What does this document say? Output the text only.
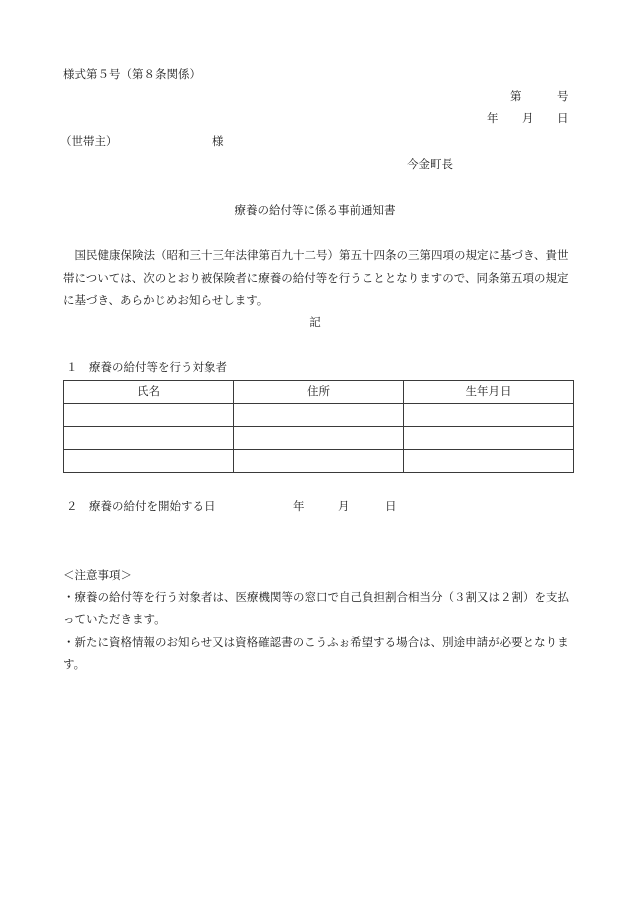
様式第５号（第８条関係）
第	号
年 月 日
（世帯主）	様
今金町長
療養の給付等に係る事前通知書
　国民健康保険法（昭和三十三年法律第百九十二号）第五十四条の三第四項の規定に基づき、貴世
帯については、次のとおり被保険者に療養の給付等を行うこととなりますので、同条第五項の規定
に基づき、あらかじめお知らせします。
記
１　療養の給付等を行う対象者
氏名	住所	生年月日

２　療養の給付を開始する日	年	月	日
＜注意事項＞
・療養の給付等を行う対象者は、医療機関等の窓口で自己負担割合相当分（３割又は２割）を支払
っていただきます。
・新たに資格情報のお知らせ又は資格確認書のこうふぉ希望する場合は、別途申請が必要となりま
す。
